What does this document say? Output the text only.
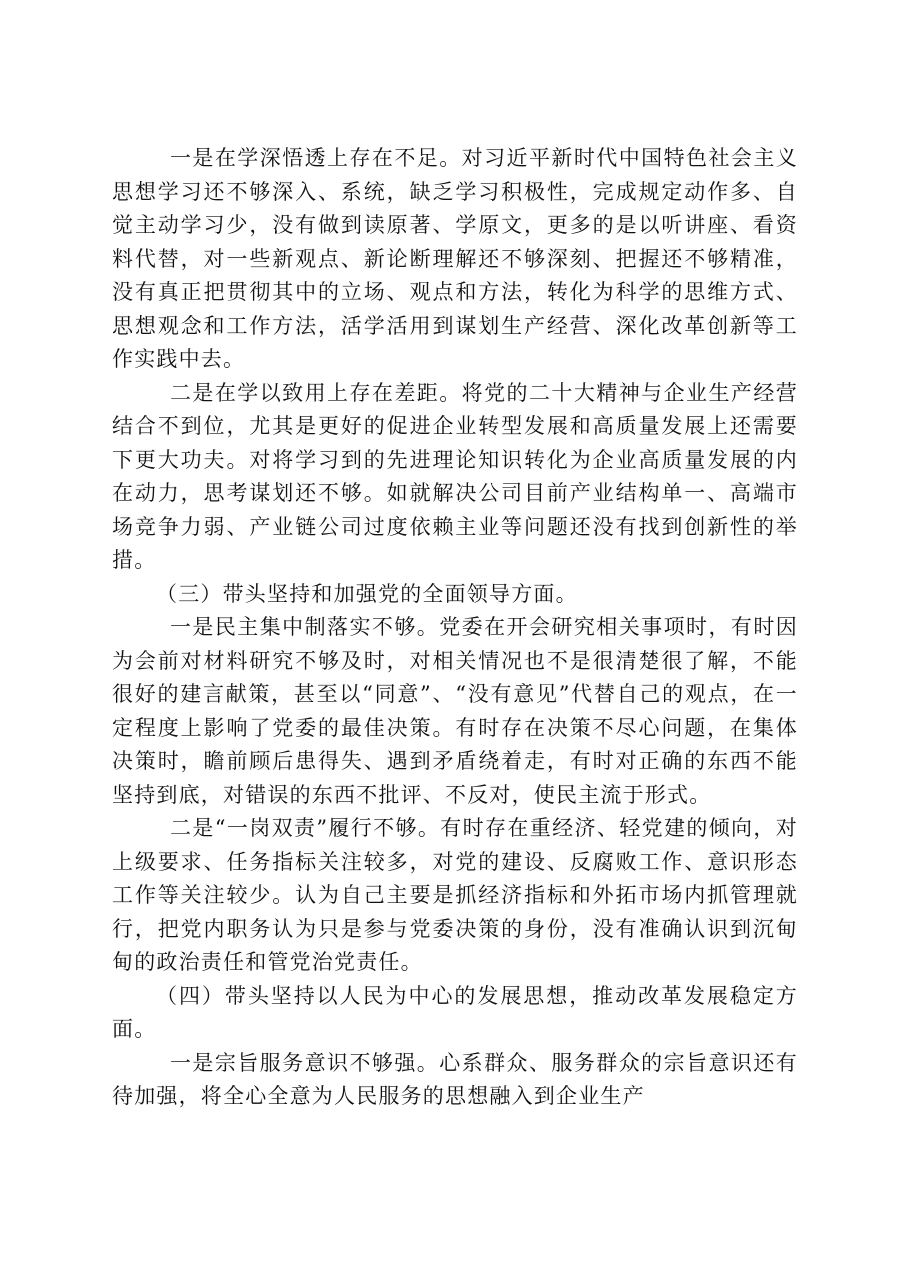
一是在学深悟透上存在不足。对习近平新时代中国特色社会主义思想学习还不够深入、系统，缺乏学习积极性，完成规定动作多、自觉主动学习少，没有做到读原著、学原文，更多的是以听讲座、看资料代替，对一些新观点、新论断理解还不够深刻、把握还不够精准，没有真正把贯彻其中的立场、观点和方法，转化为科学的思维方式、思想观念和工作方法，活学活用到谋划生产经营、深化改革创新等工作实践中去。

二是在学以致用上存在差距。将党的二十大精神与企业生产经营结合不到位，尤其是更好的促进企业转型发展和高质量发展上还需要下更大功夫。对将学习到的先进理论知识转化为企业高质量发展的内在动力，思考谋划还不够。如就解决公司目前产业结构单一、高端市场竞争力弱、产业链公司过度依赖主业等问题还没有找到创新性的举措。

（三）带头坚持和加强党的全面领导方面。

一是民主集中制落实不够。党委在开会研究相关事项时，有时因为会前对材料研究不够及时，对相关情况也不是很清楚很了解，不能很好的建言献策，甚至以“同意”、“没有意见”代替自己的观点，在一定程度上影响了党委的最佳决策。有时存在决策不尽心问题，在集体决策时，瞻前顾后患得失、遇到矛盾绕着走，有时对正确的东西不能坚持到底，对错误的东西不批评、不反对，使民主流于形式。

二是“一岗双责”履行不够。有时存在重经济、轻党建的倾向，对上级要求、任务指标关注较多，对党的建设、反腐败工作、意识形态工作等关注较少。认为自己主要是抓经济指标和外拓市场内抓管理就行，把党内职务认为只是参与党委决策的身份，没有准确认识到沉甸甸的政治责任和管党治党责任。

（四）带头坚持以人民为中心的发展思想，推动改革发展稳定方面。

一是宗旨服务意识不够强。心系群众、服务群众的宗旨意识还有待加强，将全心全意为人民服务的思想融入到企业生产
